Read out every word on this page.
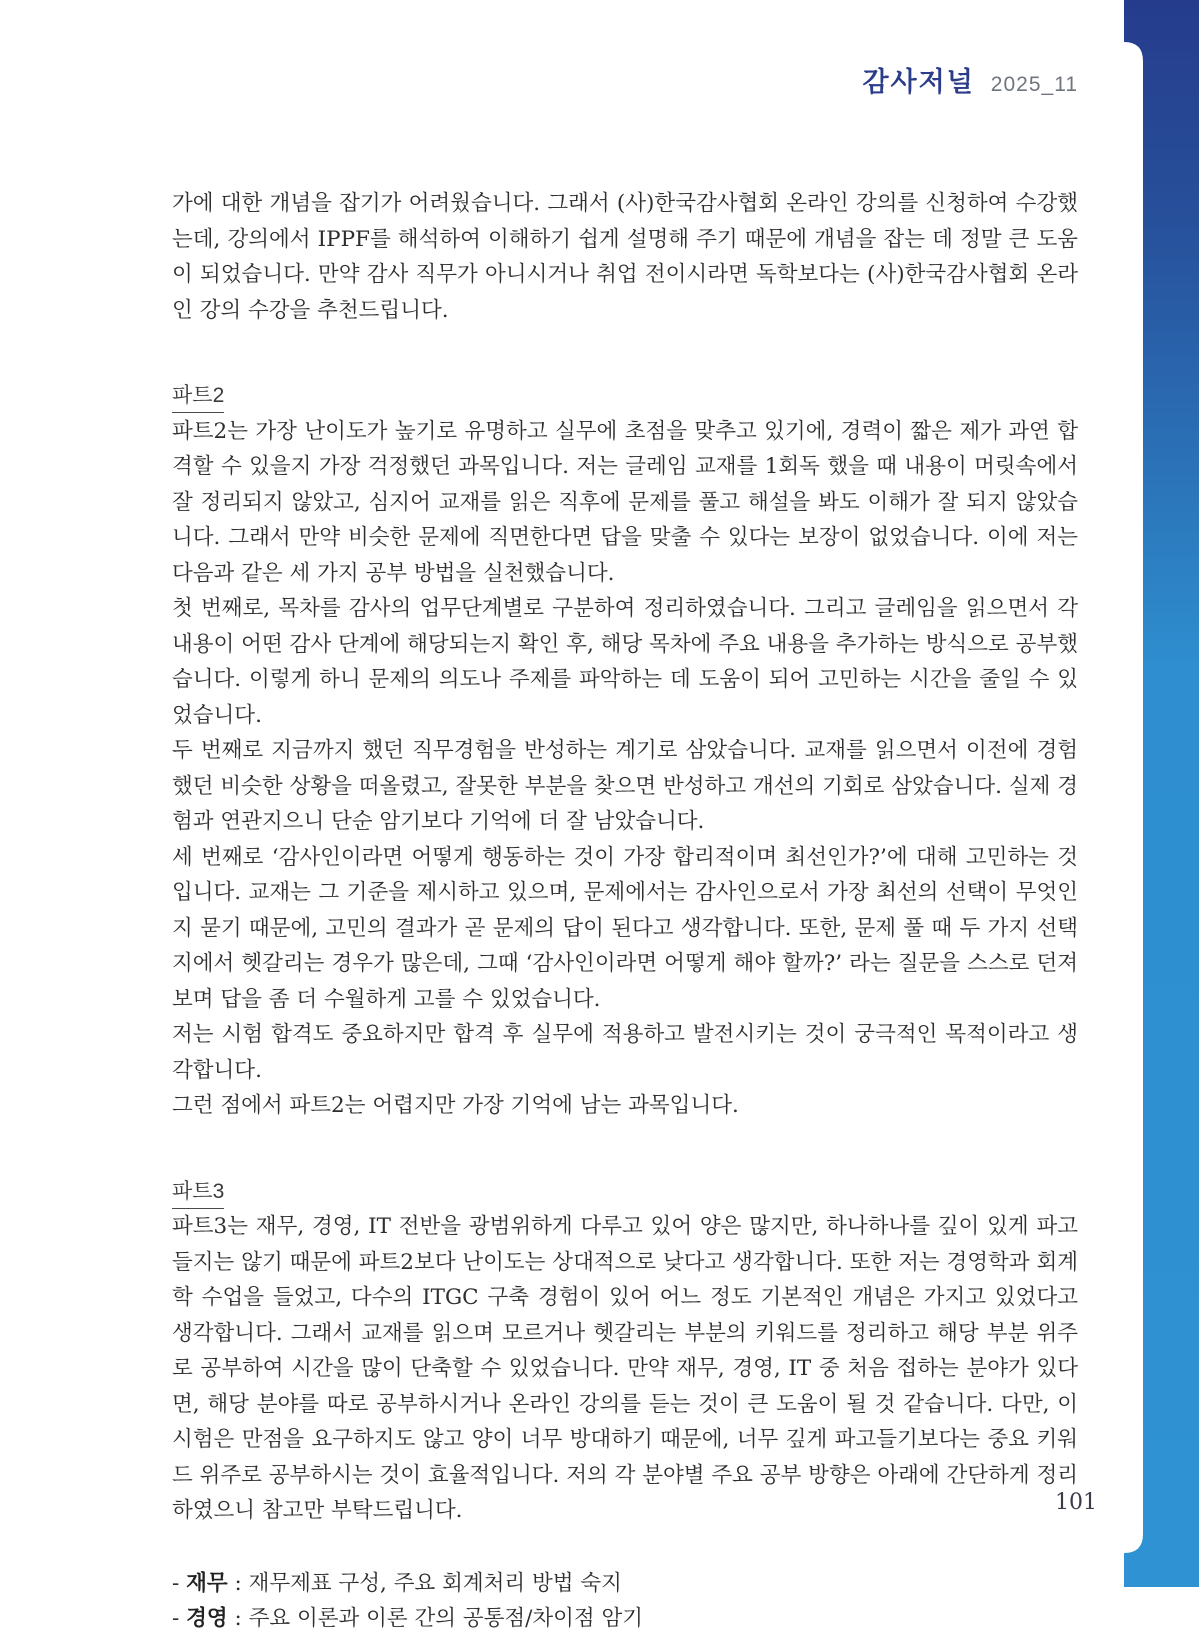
감사저널 2025_11

가에 대한 개념을 잡기가 어려웠습니다. 그래서 (사)한국감사협회 온라인 강의를 신청하여 수강했는데, 강의에서 IPPF를 해석하여 이해하기 쉽게 설명해 주기 때문에 개념을 잡는 데 정말 큰 도움이 되었습니다. 만약 감사 직무가 아니시거나 취업 전이시라면 독학보다는 (사)한국감사협회 온라인 강의 수강을 추천드립니다.

파트2

파트2는 가장 난이도가 높기로 유명하고 실무에 초점을 맞추고 있기에, 경력이 짧은 제가 과연 합격할 수 있을지 가장 걱정했던 과목입니다. 저는 글레임 교재를 1회독 했을 때 내용이 머릿속에서 잘 정리되지 않았고, 심지어 교재를 읽은 직후에 문제를 풀고 해설을 봐도 이해가 잘 되지 않았습니다. 그래서 만약 비슷한 문제에 직면한다면 답을 맞출 수 있다는 보장이 없었습니다. 이에 저는 다음과 같은 세 가지 공부 방법을 실천했습니다.

첫 번째로, 목차를 감사의 업무단계별로 구분하여 정리하였습니다. 그리고 글레임을 읽으면서 각 내용이 어떤 감사 단계에 해당되는지 확인 후, 해당 목차에 주요 내용을 추가하는 방식으로 공부했습니다. 이렇게 하니 문제의 의도나 주제를 파악하는 데 도움이 되어 고민하는 시간을 줄일 수 있었습니다.

두 번째로 지금까지 했던 직무경험을 반성하는 계기로 삼았습니다. 교재를 읽으면서 이전에 경험했던 비슷한 상황을 떠올렸고, 잘못한 부분을 찾으면 반성하고 개선의 기회로 삼았습니다. 실제 경험과 연관지으니 단순 암기보다 기억에 더 잘 남았습니다.

세 번째로 ‘감사인이라면 어떻게 행동하는 것이 가장 합리적이며 최선인가?’에 대해 고민하는 것입니다. 교재는 그 기준을 제시하고 있으며, 문제에서는 감사인으로서 가장 최선의 선택이 무엇인지 묻기 때문에, 고민의 결과가 곧 문제의 답이 된다고 생각합니다. 또한, 문제 풀 때 두 가지 선택지에서 헷갈리는 경우가 많은데, 그때 ‘감사인이라면 어떻게 해야 할까?’ 라는 질문을 스스로 던져보며 답을 좀 더 수월하게 고를 수 있었습니다.

저는 시험 합격도 중요하지만 합격 후 실무에 적용하고 발전시키는 것이 궁극적인 목적이라고 생각합니다.

그런 점에서 파트2는 어렵지만 가장 기억에 남는 과목입니다.

파트3

파트3는 재무, 경영, IT 전반을 광범위하게 다루고 있어 양은 많지만, 하나하나를 깊이 있게 파고들지는 않기 때문에 파트2보다 난이도는 상대적으로 낮다고 생각합니다. 또한 저는 경영학과 회계학 수업을 들었고, 다수의 ITGC 구축 경험이 있어 어느 정도 기본적인 개념은 가지고 있었다고 생각합니다. 그래서 교재를 읽으며 모르거나 헷갈리는 부분의 키워드를 정리하고 해당 부분 위주로 공부하여 시간을 많이 단축할 수 있었습니다. 만약 재무, 경영, IT 중 처음 접하는 분야가 있다면, 해당 분야를 따로 공부하시거나 온라인 강의를 듣는 것이 큰 도움이 될 것 같습니다. 다만, 이 시험은 만점을 요구하지도 않고 양이 너무 방대하기 때문에, 너무 깊게 파고들기보다는 중요 키워드 위주로 공부하시는 것이 효율적입니다. 저의 각 분야별 주요 공부 방향은 아래에 간단하게 정리하였으니 참고만 부탁드립니다.

- 재무 : 재무제표 구성, 주요 회계처리 방법 숙지

- 경영 : 주요 이론과 이론 간의 공통점/차이점 암기

101
